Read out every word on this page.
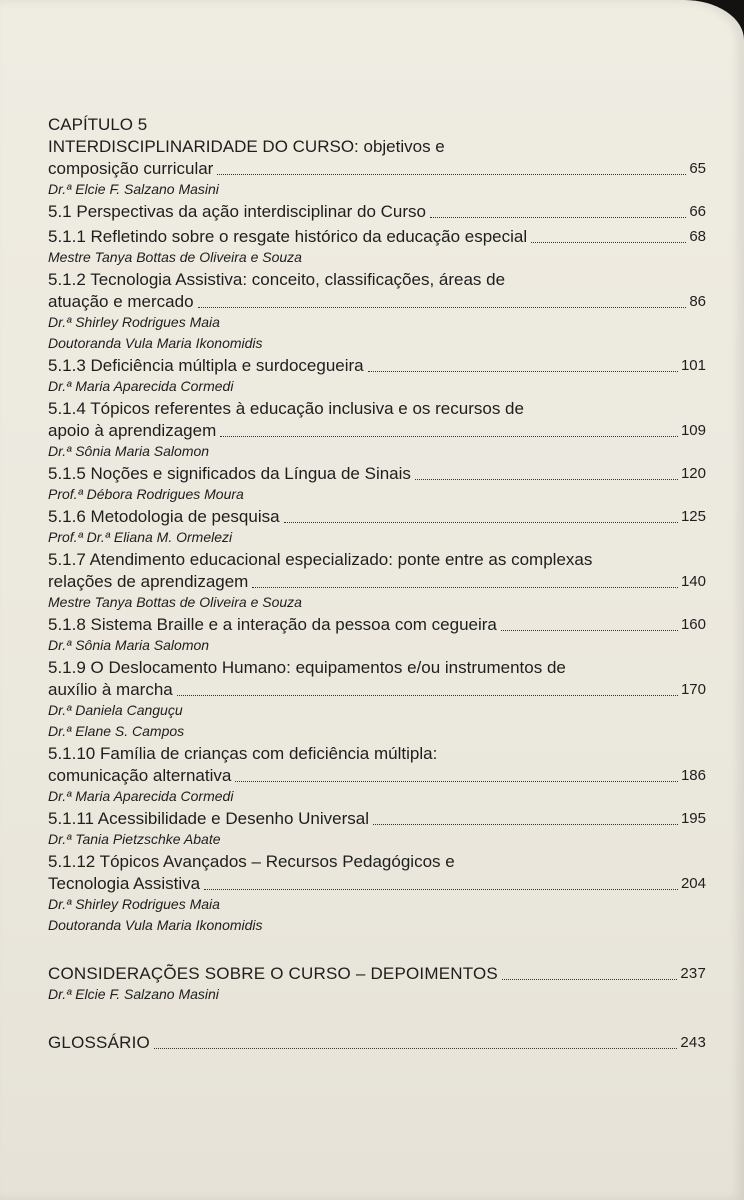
CAPÍTULO 5
INTERDISCIPLINARIDADE DO CURSO: objetivos e
composição curricular	65
Dr.ª Elcie F. Salzano Masini
5.1 Perspectivas da ação interdisciplinar do Curso	66
5.1.1 Refletindo sobre o resgate histórico da educação especial	68
Mestre Tanya Bottas de Oliveira e Souza
5.1.2 Tecnologia Assistiva: conceito, classificações, áreas de
atuação e mercado	86
Dr.ª Shirley Rodrigues Maia
Doutoranda Vula Maria Ikonomidis
5.1.3 Deficiência múltipla e surdocegueira	101
Dr.ª Maria Aparecida Cormedi
5.1.4 Tópicos referentes à educação inclusiva e os recursos de
apoio à aprendizagem	109
Dr.ª Sônia Maria Salomon
5.1.5 Noções e significados da Língua de Sinais	120
Prof.ª Débora Rodrigues Moura
5.1.6 Metodologia de pesquisa	125
Prof.ª Dr.ª Eliana M. Ormelezi
5.1.7 Atendimento educacional especializado: ponte entre as complexas
relações de aprendizagem	140
Mestre Tanya Bottas de Oliveira e Souza
5.1.8 Sistema Braille e a interação da pessoa com cegueira	160
Dr.ª Sônia Maria Salomon
5.1.9 O Deslocamento Humano: equipamentos e/ou instrumentos de
auxílio à marcha	170
Dr.ª Daniela Canguçu
Dr.ª Elane S. Campos
5.1.10 Família de crianças com deficiência múltipla:
comunicação alternativa	186
Dr.ª Maria Aparecida Cormedi
5.1.11 Acessibilidade e Desenho Universal	195
Dr.ª Tania Pietzschke Abate
5.1.12 Tópicos Avançados – Recursos Pedagógicos e
Tecnologia Assistiva	204
Dr.ª Shirley Rodrigues Maia
Doutoranda Vula Maria Ikonomidis
CONSIDERAÇÕES SOBRE O CURSO – DEPOIMENTOS	237
Dr.ª Elcie F. Salzano Masini
GLOSSÁRIO	243
